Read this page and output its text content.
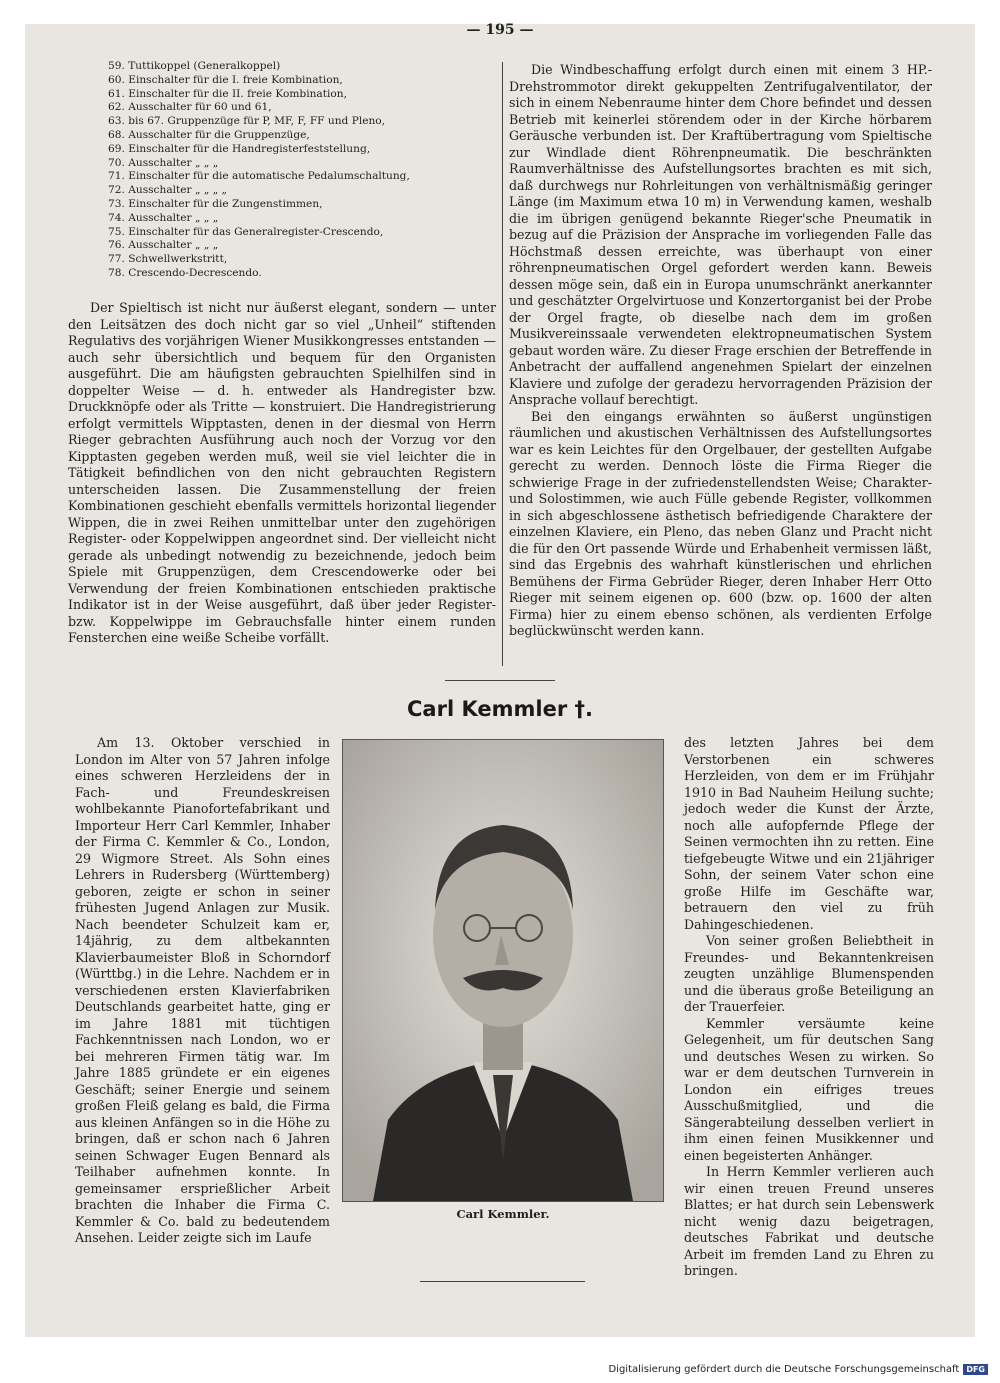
— 195 —
59. Tuttikoppel (Generalkoppel)
60. Einschalter für die I. freie Kombination,
61. Einschalter für die II. freie Kombination,
62. Ausschalter für 60 und 61,
63. bis 67. Gruppenzüge für P, MF, F, FF und Pleno,
68. Ausschalter für die Gruppenzüge,
69. Einschalter für die Handregisterfeststellung,
70. Ausschalter „ „ „
71. Einschalter für die automatische Pedalumschaltung,
72. Ausschalter „ „ „ „
73. Einschalter für die Zungenstimmen,
74. Ausschalter „ „ „
75. Einschalter für das Generalregister-Crescendo,
76. Ausschalter „ „ „
77. Schwellwerkstritt,
78. Crescendo-Decrescendo.

Der Spieltisch ist nicht nur äußerst elegant, sondern — unter den Leitsätzen des doch nicht gar so viel „Unheil“ stiftenden Regulativs des vorjährigen Wiener Musikkongresses entstanden — auch sehr übersichtlich und bequem für den Organisten ausgeführt. Die am häufigsten gebrauchten Spielhilfen sind in doppelter Weise — d. h. entweder als Handregister bzw. Druckknöpfe oder als Tritte — konstruiert. Die Handregistrierung erfolgt vermittels Wipptasten, denen in der diesmal von Herrn Rieger gebrachten Ausführung auch noch der Vorzug vor den Kipptasten gegeben werden muß, weil sie viel leichter die in Tätigkeit befindlichen von den nicht gebrauchten Registern unterscheiden lassen. Die Zusammenstellung der freien Kombinationen geschieht ebenfalls vermittels horizontal liegender Wippen, die in zwei Reihen unmittelbar unter den zugehörigen Register- oder Koppelwippen angeordnet sind. Der vielleicht nicht gerade als unbedingt notwendig zu bezeichnende, jedoch beim Spiele mit Gruppenzügen, dem Crescendowerke oder bei Verwendung der freien Kombinationen entschieden praktische Indikator ist in der Weise ausgeführt, daß über jeder Register- bzw. Koppelwippe im Gebrauchsfalle hinter einem runden Fensterchen eine weiße Scheibe vorfällt.

Die Windbeschaffung erfolgt durch einen mit einem 3 HP.-Drehstrommotor direkt gekuppelten Zentrifugalventilator, der sich in einem Nebenraume hinter dem Chore befindet und dessen Betrieb mit keinerlei störendem oder in der Kirche hörbarem Geräusche verbunden ist. Der Kraftübertragung vom Spieltische zur Windlade dient Röhrenpneumatik. Die beschränkten Raumverhältnisse des Aufstellungsortes brachten es mit sich, daß durchwegs nur Rohrleitungen von verhältnismäßig geringer Länge (im Maximum etwa 10 m) in Verwendung kamen, weshalb die im übrigen genügend bekannte Rieger'sche Pneumatik in bezug auf die Präzision der Ansprache im vorliegenden Falle das Höchstmaß dessen erreichte, was überhaupt von einer röhrenpneumatischen Orgel gefordert werden kann. Beweis dessen möge sein, daß ein in Europa unumschränkt anerkannter und geschätzter Orgelvirtuose und Konzertorganist bei der Probe der Orgel fragte, ob dieselbe nach dem im großen Musikvereinssaale verwendeten elektropneumatischen System gebaut worden wäre. Zu dieser Frage erschien der Betreffende in Anbetracht der auffallend angenehmen Spielart der einzelnen Klaviere und zufolge der geradezu hervorragenden Präzision der Ansprache vollauf berechtigt.

Bei den eingangs erwähnten so äußerst ungünstigen räumlichen und akustischen Verhältnissen des Aufstellungsortes war es kein Leichtes für den Orgelbauer, der gestellten Aufgabe gerecht zu werden. Dennoch löste die Firma Rieger die schwierige Frage in der zufriedenstellendsten Weise; Charakter- und Solostimmen, wie auch Fülle gebende Register, vollkommen in sich abgeschlossene ästhetisch befriedigende Charaktere der einzelnen Klaviere, ein Pleno, das neben Glanz und Pracht nicht die für den Ort passende Würde und Erhabenheit vermissen läßt, sind das Ergebnis des wahrhaft künstlerischen und ehrlichen Bemühens der Firma Gebrüder Rieger, deren Inhaber Herr Otto Rieger mit seinem eigenen op. 600 (bzw. op. 1600 der alten Firma) hier zu einem ebenso schönen, als verdienten Erfolge beglückwünscht werden kann.

Carl Kemmler †.

Am 13. Oktober verschied in London im Alter von 57 Jahren infolge eines schweren Herzleidens der in Fach- und Freundeskreisen wohlbekannte Pianofortefabrikant und Importeur Herr Carl Kemmler, Inhaber der Firma C. Kemmler & Co., London, 29 Wigmore Street. Als Sohn eines Lehrers in Rudersberg (Württemberg) geboren, zeigte er schon in seiner frühesten Jugend Anlagen zur Musik. Nach beendeter Schulzeit kam er, 14jährig, zu dem altbekannten Klavierbaumeister Bloß in Schorndorf (Württbg.) in die Lehre. Nachdem er in verschiedenen ersten Klavierfabriken Deutschlands gearbeitet hatte, ging er im Jahre 1881 mit tüchtigen Fachkenntnissen nach London, wo er bei mehreren Firmen tätig war. Im Jahre 1885 gründete er ein eigenes Geschäft; seiner Energie und seinem großen Fleiß gelang es bald, die Firma aus kleinen Anfängen so in die Höhe zu bringen, daß er schon nach 6 Jahren seinen Schwager Eugen Bennard als Teilhaber aufnehmen konnte. In gemeinsamer ersprießlicher Arbeit brachten die Inhaber die Firma C. Kemmler & Co. bald zu bedeutendem Ansehen. Leider zeigte sich im Laufe

Carl Kemmler.

des letzten Jahres bei dem Verstorbenen ein schweres Herzleiden, von dem er im Frühjahr 1910 in Bad Nauheim Heilung suchte; jedoch weder die Kunst der Ärzte, noch alle aufopfernde Pflege der Seinen vermochten ihn zu retten. Eine tiefgebeugte Witwe und ein 21jähriger Sohn, der seinem Vater schon eine große Hilfe im Geschäfte war, betrauern den viel zu früh Dahingeschiedenen.

Von seiner großen Beliebtheit in Freundes- und Bekanntenkreisen zeugten unzählige Blumenspenden und die überaus große Beteiligung an der Trauerfeier.

Kemmler versäumte keine Gelegenheit, um für deutschen Sang und deutsches Wesen zu wirken. So war er dem deutschen Turnverein in London ein eifriges treues Ausschußmitglied, und die Sängerabteilung desselben verliert in ihm einen feinen Musikkenner und einen begeisterten Anhänger.

In Herrn Kemmler verlieren auch wir einen treuen Freund unseres Blattes; er hat durch sein Lebenswerk nicht wenig dazu beigetragen, deutsches Fabrikat und deutsche Arbeit im fremden Land zu Ehren zu bringen.

Digitalisierung gefördert durch die Deutsche Forschungsgemeinschaft DFG
